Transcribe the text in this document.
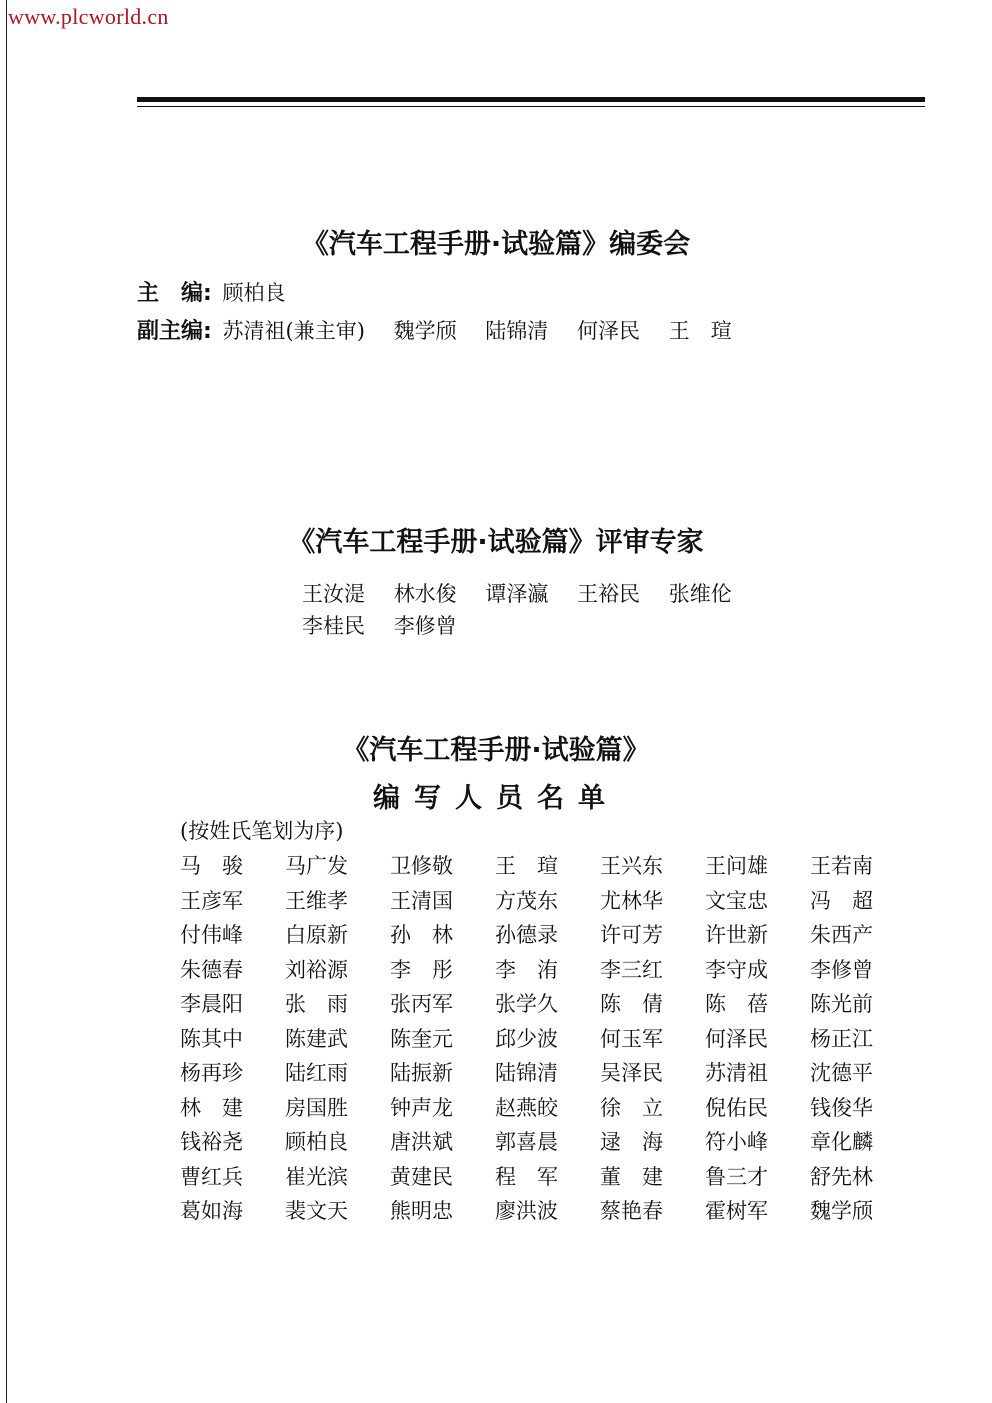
www.plcworld.cn
《汽车工程手册·试验篇》编委会
主　编: 顾柏良
副主编: 苏清祖(兼主审) 魏学颀 陆锦清 何泽民 王　瑄
《汽车工程手册·试验篇》评审专家
王汝湜 林水俊 谭泽瀛 王裕民 张维伦
李桂民 李修曾
《汽车工程手册·试验篇》
编写人员名单
(按姓氏笔划为序)
马　骏	马广发	卫修敬	王　瑄	王兴东	王问雄	王若南
王彦军	王维孝	王清国	方茂东	尤林华	文宝忠	冯　超
付伟峰	白原新	孙　林	孙德录	许可芳	许世新	朱西产
朱德春	刘裕源	李　彤	李　洧	李三红	李守成	李修曾
李晨阳	张　雨	张丙军	张学久	陈　倩	陈　蓓	陈光前
陈其中	陈建武	陈奎元	邱少波	何玉军	何泽民	杨正江
杨再珍	陆红雨	陆振新	陆锦清	吴泽民	苏清祖	沈德平
林　建	房国胜	钟声龙	赵燕皎	徐　立	倪佑民	钱俊华
钱裕尧	顾柏良	唐洪斌	郭喜晨	逯　海	符小峰	章化麟
曹红兵	崔光滨	黄建民	程　军	董　建	鲁三才	舒先林
葛如海	裴文天	熊明忠	廖洪波	蔡艳春	霍树军	魏学颀
